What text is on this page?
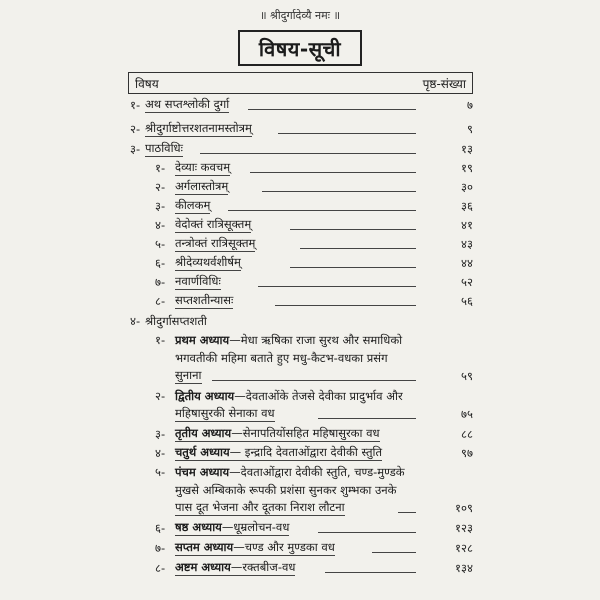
॥ श्रीदुर्गादेव्यै नमः ॥
विषय-सूची
विषय	पृष्ठ-संख्या
१- अथ सप्तश्लोकी दुर्गा	७
२- श्रीदुर्गाष्टोत्तरशतनामस्तोत्रम्	९
३- पाठविधिः	१३
१- देव्याः कवचम्	१९
२- अर्गलास्तोत्रम्	३०
३- कीलकम्	३६
४- वेदोक्तं रात्रिसूक्तम्	४१
५- तन्त्रोक्तं रात्रिसूक्तम्	४३
६- श्रीदेव्यथर्वशीर्षम्	४४
७- नवार्णविधिः	५२
८- सप्तशतीन्यासः	५६
४- श्रीदुर्गासप्तशती
१- प्रथम अध्याय—मेधा ऋषिका राजा सुरथ और समाधिको
भगवतीकी महिमा बताते हुए मधु-कैटभ-वधका प्रसंग
सुनाना	५९
२- द्वितीय अध्याय—देवताओंके तेजसे देवीका प्रादुर्भाव और
महिषासुरकी सेनाका वध	७५
३- तृतीय अध्याय—सेनापतियोंसहित महिषासुरका वध	८८
४- चतुर्थ अध्याय— इन्द्रादि देवताओंद्वारा देवीकी स्तुति	९७
५- पंचम अध्याय—देवताओंद्वारा देवीकी स्तुति, चण्ड-मुण्डके
मुखसे अम्बिकाके रूपकी प्रशंसा सुनकर शुम्भका उनके
पास दूत भेजना और दूतका निराश लौटना	१०९
६- षष्ठ अध्याय—धूम्रलोचन-वध	१२३
७- सप्तम अध्याय—चण्ड और मुण्डका वध	१२८
८- अष्टम अध्याय—रक्तबीज-वध	१३४
